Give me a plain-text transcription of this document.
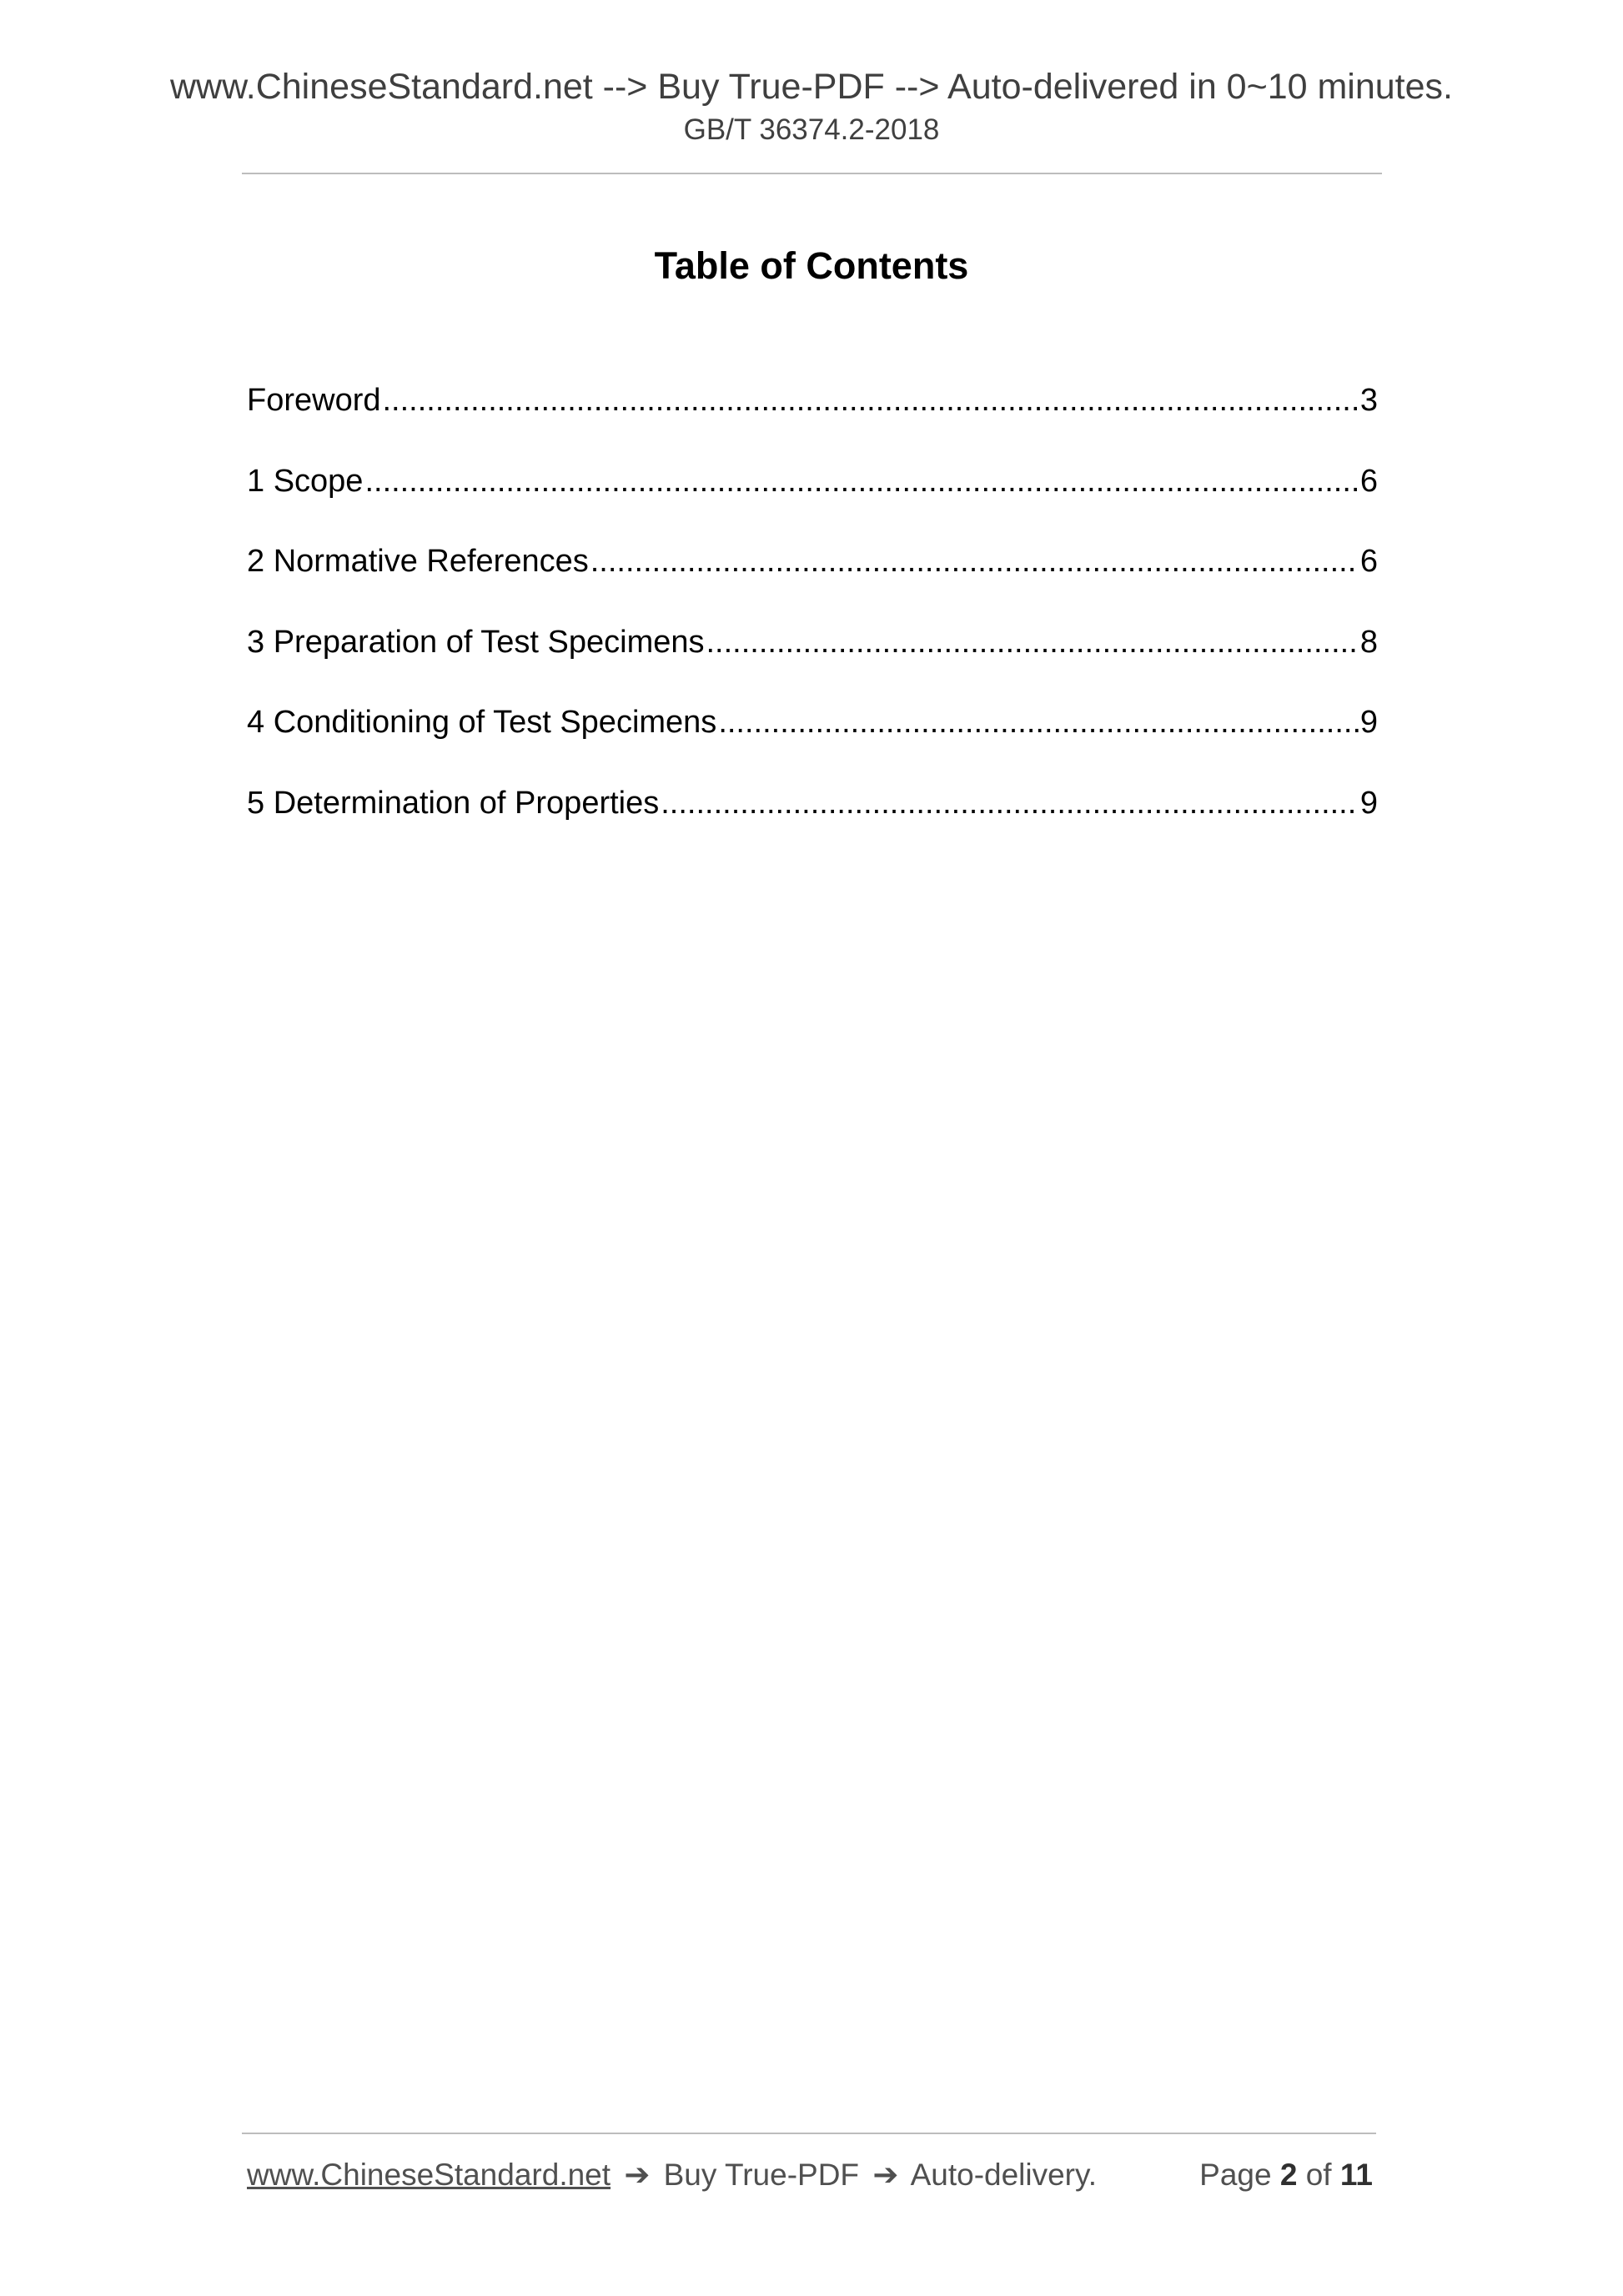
www.ChineseStandard.net --> Buy True-PDF --> Auto-delivered in 0~10 minutes.
GB/T 36374.2-2018
Table of Contents
Foreword .....	3
1 Scope .....	6
2 Normative References .....	6
3 Preparation of Test Specimens .....	8
4 Conditioning of Test Specimens .....	9
5 Determination of Properties .....	9
www.ChineseStandard.net ➔ Buy True-PDF ➔ Auto-delivery.	Page 2 of 11
